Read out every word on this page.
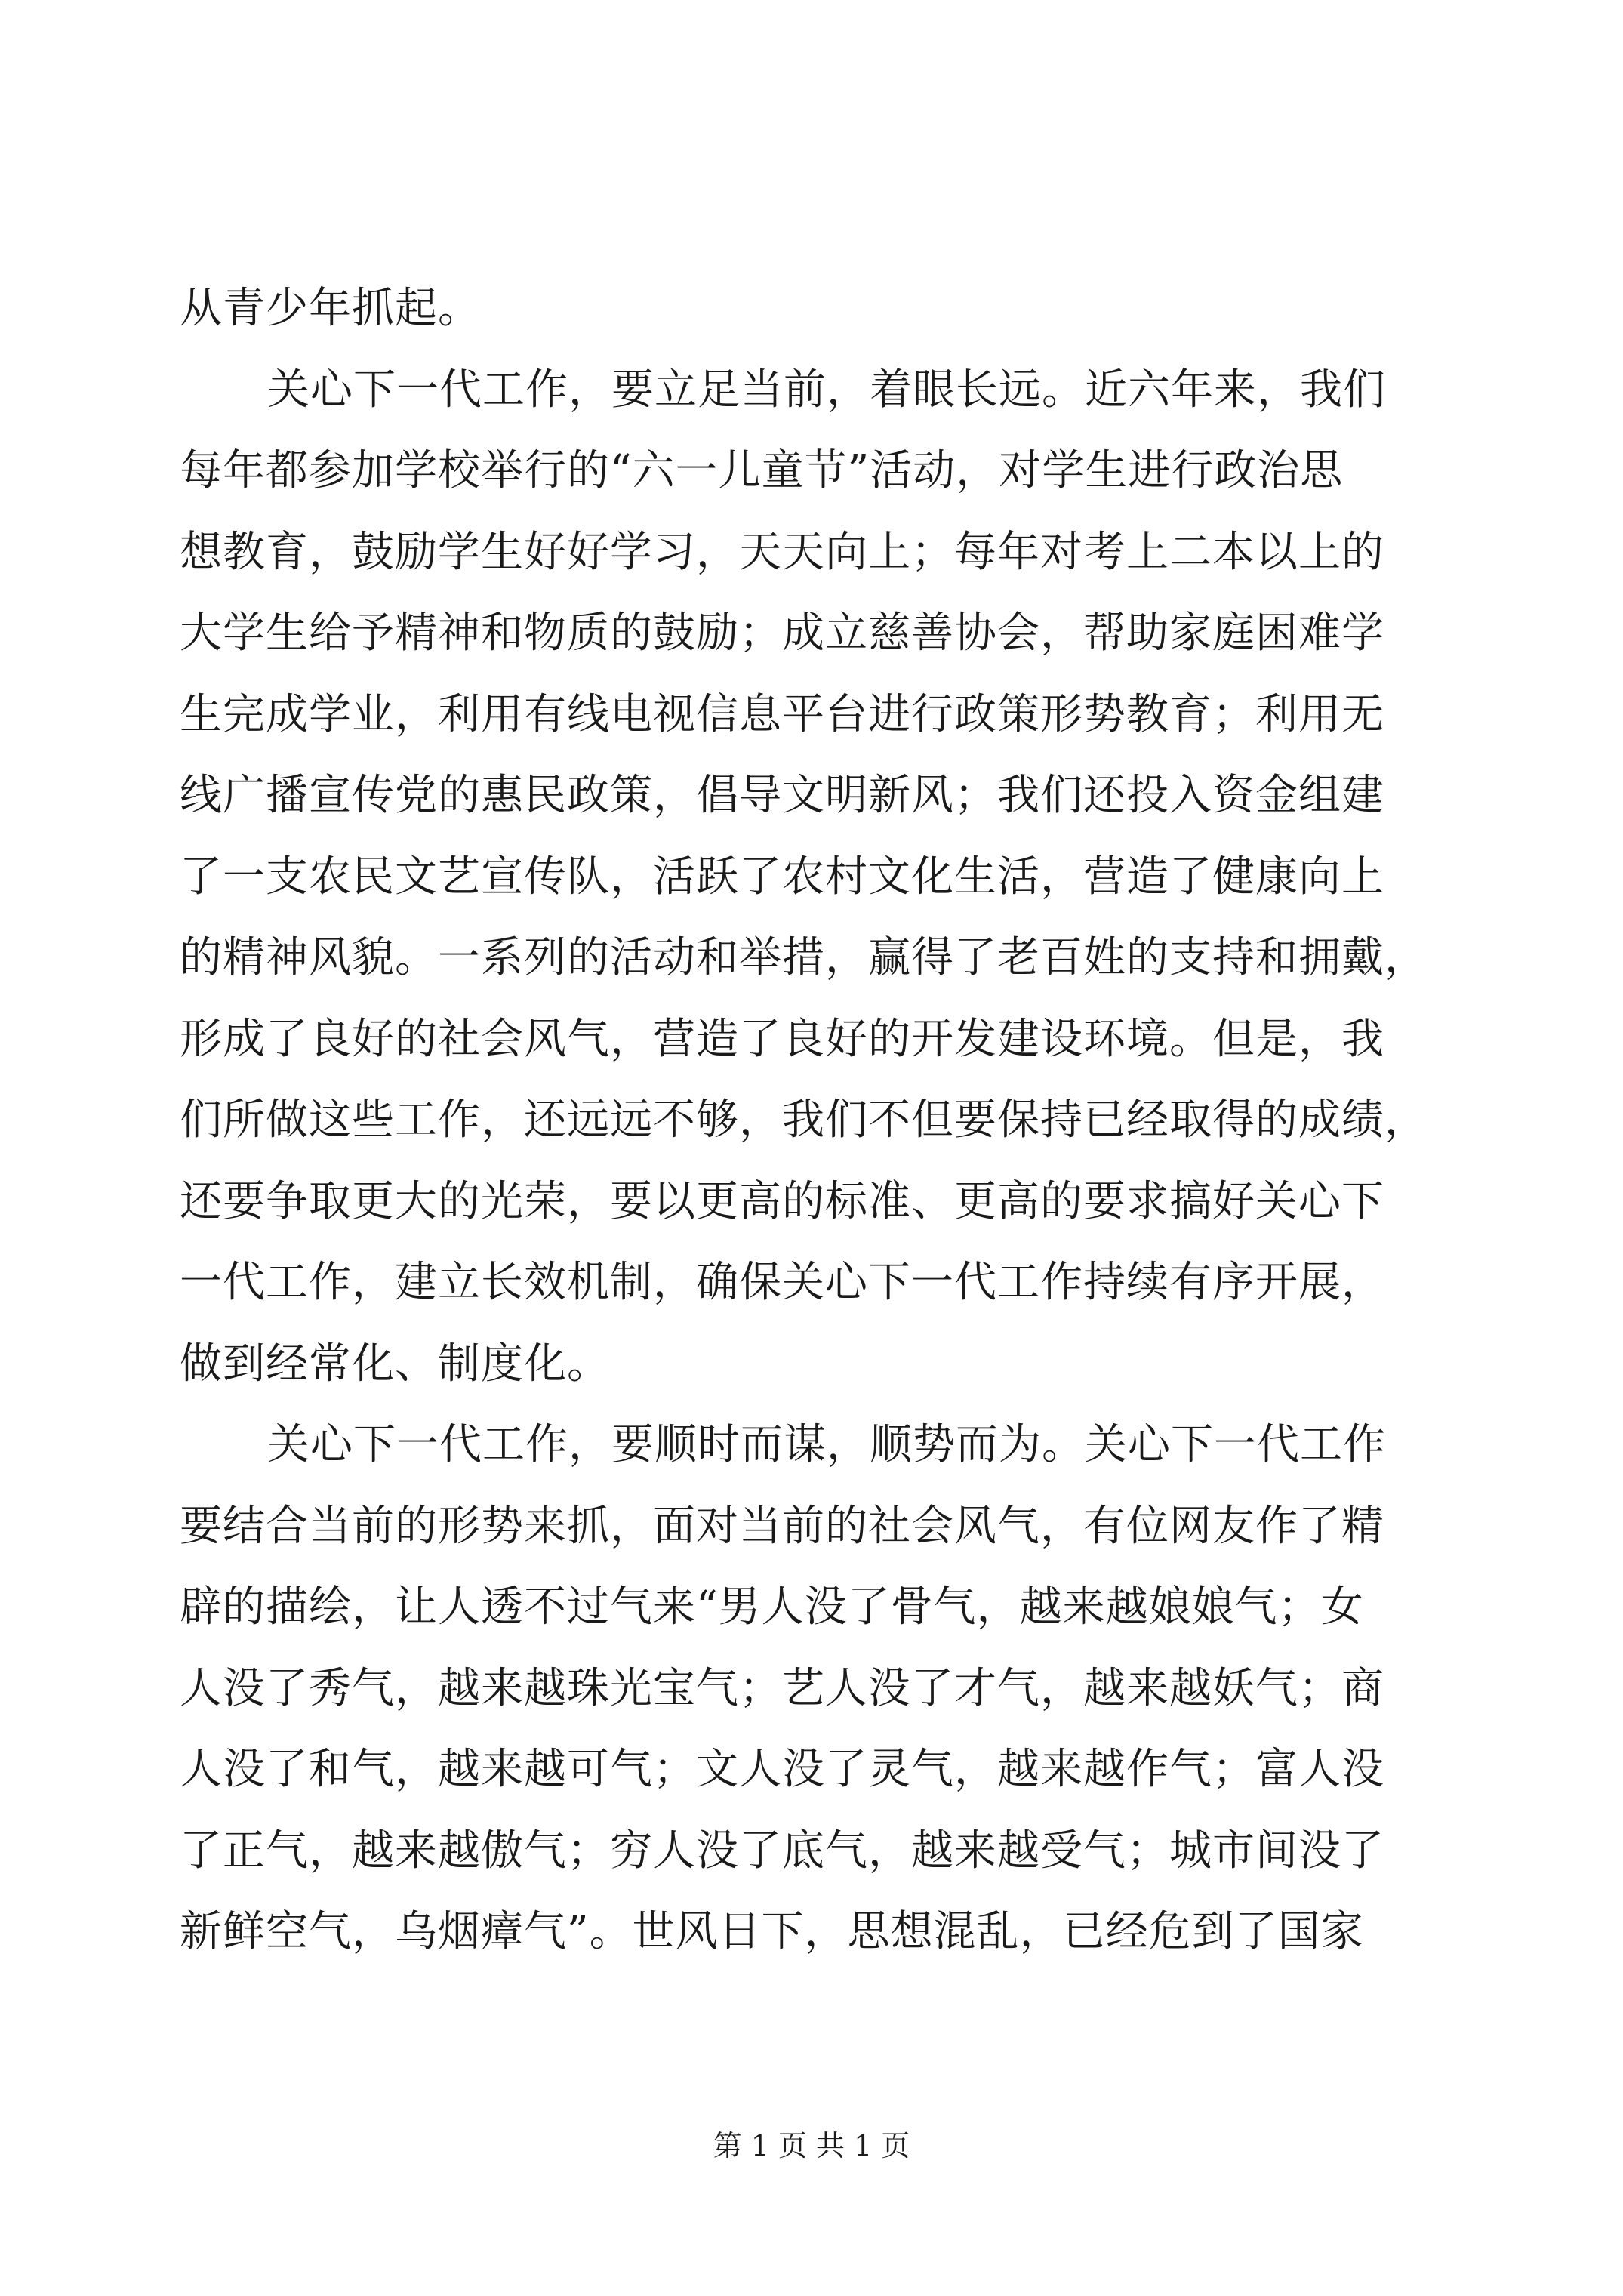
从青少年抓起。
关心下一代工作，要立足当前，着眼长远。近六年来，我们
每年都参加学校举行的“六一儿童节”活动，对学生进行政治思
想教育，鼓励学生好好学习，天天向上；每年对考上二本以上的
大学生给予精神和物质的鼓励；成立慈善协会，帮助家庭困难学
生完成学业，利用有线电视信息平台进行政策形势教育；利用无
线广播宣传党的惠民政策，倡导文明新风；我们还投入资金组建
了一支农民文艺宣传队，活跃了农村文化生活，营造了健康向上
的精神风貌。一系列的活动和举措，赢得了老百姓的支持和拥戴，
形成了良好的社会风气，营造了良好的开发建设环境。但是，我
们所做这些工作，还远远不够，我们不但要保持已经取得的成绩，
还要争取更大的光荣，要以更高的标准、更高的要求搞好关心下
一代工作，建立长效机制，确保关心下一代工作持续有序开展，
做到经常化、制度化。
关心下一代工作，要顺时而谋，顺势而为。关心下一代工作
要结合当前的形势来抓，面对当前的社会风气，有位网友作了精
辟的描绘，让人透不过气来“男人没了骨气，越来越娘娘气；女
人没了秀气，越来越珠光宝气；艺人没了才气，越来越妖气；商
人没了和气，越来越可气；文人没了灵气，越来越作气；富人没
了正气，越来越傲气；穷人没了底气，越来越受气；城市间没了
新鲜空气，乌烟瘴气”。世风日下，思想混乱，已经危到了国家
第 1 页 共 1 页
